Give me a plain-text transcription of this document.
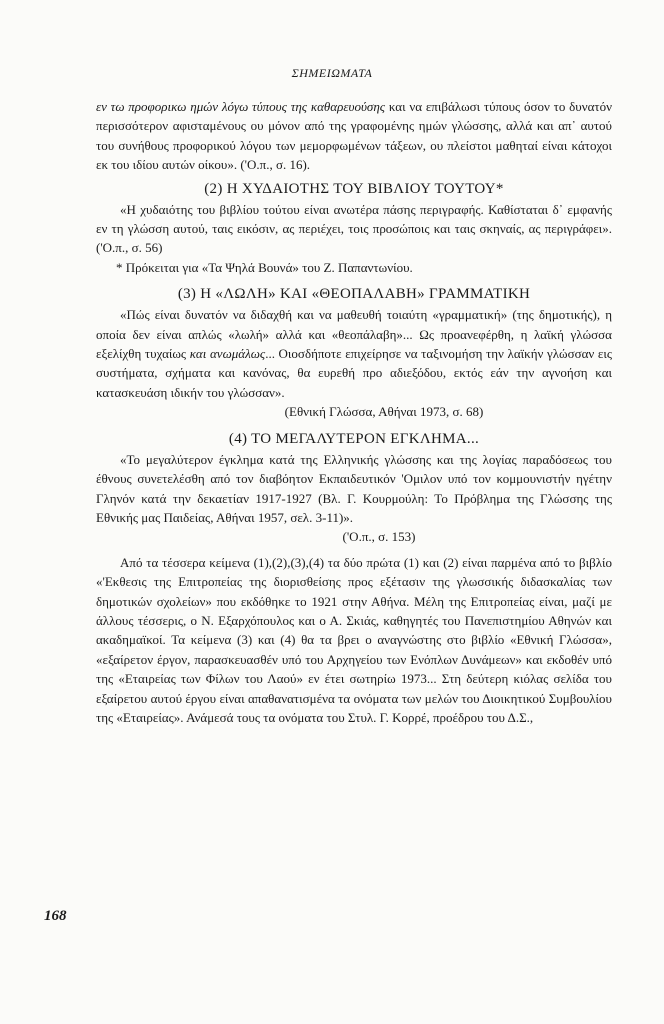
ΣΗΜΕΙΩΜΑΤΑ

εν τω προφορικω ημών λόγω τύπους της καθαρευούσης και να επιβάλωσι τύπους όσον το δυνατόν περισσότερον αφισταμένους ου μόνον από της γραφομένης ημών γλώσσης, αλλά και απ᾽ αυτού του συνήθους προφορικού λόγου των μεμορφωμένων τάξεων, ου πλείστοι μαθηταί είναι κάτοχοι εκ του ιδίου αυτών οίκου». ('Ο.π., σ. 16).

(2) Η ΧΥΔΑΙΟΤΗΣ ΤΟΥ ΒΙΒΛΙΟΥ ΤΟΥΤΟΥ*

«Η χυδαιότης του βιβλίου τούτου είναι ανωτέρα πάσης περιγραφής. Καθίσταται δ᾽ εμφανής εν τη γλώσση αυτού, ταις εικόσιν, ας περιέχει, τοις προσώποις και ταις σκηναίς, ας περιγράφει». ('Ο.π., σ. 56)

* Πρόκειται για «Τα Ψηλά Βουνά» του Ζ. Παπαντωνίου.

(3) Η «ΛΩΛΗ» ΚΑΙ «ΘΕΟΠΑΛΑΒΗ» ΓΡΑΜΜΑΤΙΚΗ

«Πώς είναι δυνατόν να διδαχθή και να μαθευθή τοιαύτη «γραμματική» (της δημοτικής), η οποία δεν είναι απλώς «λωλή» αλλά και «θεοπάλαβη»... Ως προανεφέρθη, η λαϊκή γλώσσα εξελίχθη τυχαίως και ανωμάλως... Οιοσδήποτε επιχείρησε να ταξινομήση την λαϊκήν γλώσσαν εις συστήματα, σχήματα και κανόνας, θα ευρεθή προ αδιεξόδου, εκτός εάν την αγνοήση και κατασκευάση ιδικήν του γλώσσαν».

(Εθνική Γλώσσα, Αθήναι 1973, σ. 68)

(4) ΤΟ ΜΕΓΑΛΥΤΕΡΟΝ ΕΓΚΛΗΜΑ...

«Το μεγαλύτερον έγκλημα κατά της Ελληνικής γλώσσης και της λογίας παραδόσεως του έθνους συνετελέσθη από τον διαβόητον Εκπαιδευτικόν 'Ομιλον υπό τον κομμουνιστήν ηγέτην Γληνόν κατά την δεκαετίαν 1917-1927 (Βλ. Γ. Κουρμούλη: Το Πρόβλημα της Γλώσσης της Εθνικής μας Παιδείας, Αθήναι 1957, σελ. 3-11)».

('Ο.π., σ. 153)

Από τα τέσσερα κείμενα (1),(2),(3),(4) τα δύο πρώτα (1) και (2) είναι παρμένα από το βιβλίο «'Εκθεσις της Επιτροπείας της διορισθείσης προς εξέτασιν της γλωσσικής διδασκαλίας των δημοτικών σχολείων» που εκδόθηκε το 1921 στην Αθήνα. Μέλη της Επιτροπείας είναι, μαζί με άλλους τέσσερις, ο Ν. Εξαρχόπουλος και ο Α. Σκιάς, καθηγητές του Πανεπιστημίου Αθηνών και ακαδημαϊκοί. Τα κείμενα (3) και (4) θα τα βρει ο αναγνώστης στο βιβλίο «Εθνική Γλώσσα», «εξαίρετον έργον, παρασκευασθέν υπό του Αρχηγείου των Ενόπλων Δυνάμεων» και εκδοθέν υπό της «Εταιρείας των Φίλων του Λαού» εν έτει σωτηρίω 1973... Στη δεύτερη κιόλας σελίδα του εξαίρετου αυτού έργου είναι απαθανατισμένα τα ονόματα των μελών του Διοικητικού Συμβουλίου της «Εταιρείας». Ανάμεσά τους τα ονόματα του Στυλ. Γ. Κορρέ, προέδρου του Δ.Σ.,

168
